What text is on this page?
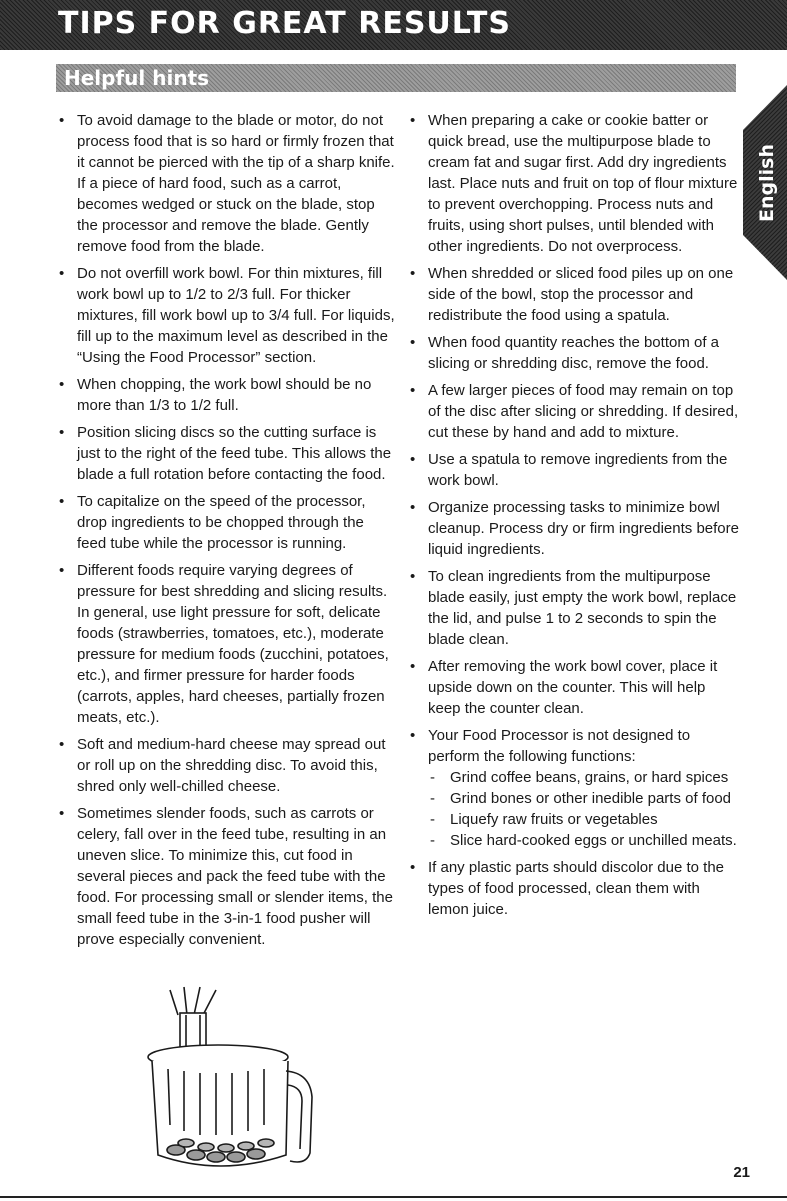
TIPS FOR GREAT RESULTS
Helpful hints
English
• To avoid damage to the blade or motor, do not process food that is so hard or firmly frozen that it cannot be pierced with the tip of a sharp knife. If a piece of hard food, such as a carrot, becomes wedged or stuck on the blade, stop the processor and remove the blade. Gently remove food from the blade.
• Do not overfill work bowl. For thin mixtures, fill work bowl up to 1/2 to 2/3 full. For thicker mixtures, fill work bowl up to 3/4 full. For liquids, fill up to the maximum level as described in the “Using the Food Processor” section.
• When chopping, the work bowl should be no more than 1/3 to 1/2 full.
• Position slicing discs so the cutting surface is just to the right of the feed tube. This allows the blade a full rotation before contacting the food.
• To capitalize on the speed of the processor, drop ingredients to be chopped through the feed tube while the processor is running.
• Different foods require varying degrees of pressure for best shredding and slicing results. In general, use light pressure for soft, delicate foods (strawberries, tomatoes, etc.), moderate pressure for medium foods (zucchini, potatoes, etc.), and firmer pressure for harder foods (carrots, apples, hard cheeses, partially frozen meats, etc.).
• Soft and medium-hard cheese may spread out or roll up on the shredding disc. To avoid this, shred only well-chilled cheese.
• Sometimes slender foods, such as carrots or celery, fall over in the feed tube, resulting in an uneven slice. To minimize this, cut food in several pieces and pack the feed tube with the food. For processing small or slender items, the small feed tube in the 3-in-1 food pusher will prove especially convenient.
• When preparing a cake or cookie batter or quick bread, use the multipurpose blade to cream fat and sugar first. Add dry ingredients last. Place nuts and fruit on top of flour mixture to prevent overchopping. Process nuts and fruits, using short pulses, until blended with other ingredients. Do not overprocess.
• When shredded or sliced food piles up on one side of the bowl, stop the processor and redistribute the food using a spatula.
• When food quantity reaches the bottom of a slicing or shredding disc, remove the food.
• A few larger pieces of food may remain on top of the disc after slicing or shredding. If desired, cut these by hand and add to mixture.
• Use a spatula to remove ingredients from the work bowl.
• Organize processing tasks to minimize bowl cleanup. Process dry or firm ingredients before liquid ingredients.
• To clean ingredients from the multipurpose blade easily, just empty the work bowl, replace the lid, and pulse 1 to 2 seconds to spin the blade clean.
• After removing the work bowl cover, place it upside down on the counter. This will help keep the counter clean.
• Your Food Processor is not designed to perform the following functions:
- Grind coffee beans, grains, or hard spices
- Grind bones or other inedible parts of food
- Liquefy raw fruits or vegetables
- Slice hard-cooked eggs or unchilled meats.
• If any plastic parts should discolor due to the types of food processed, clean them with lemon juice.
21
